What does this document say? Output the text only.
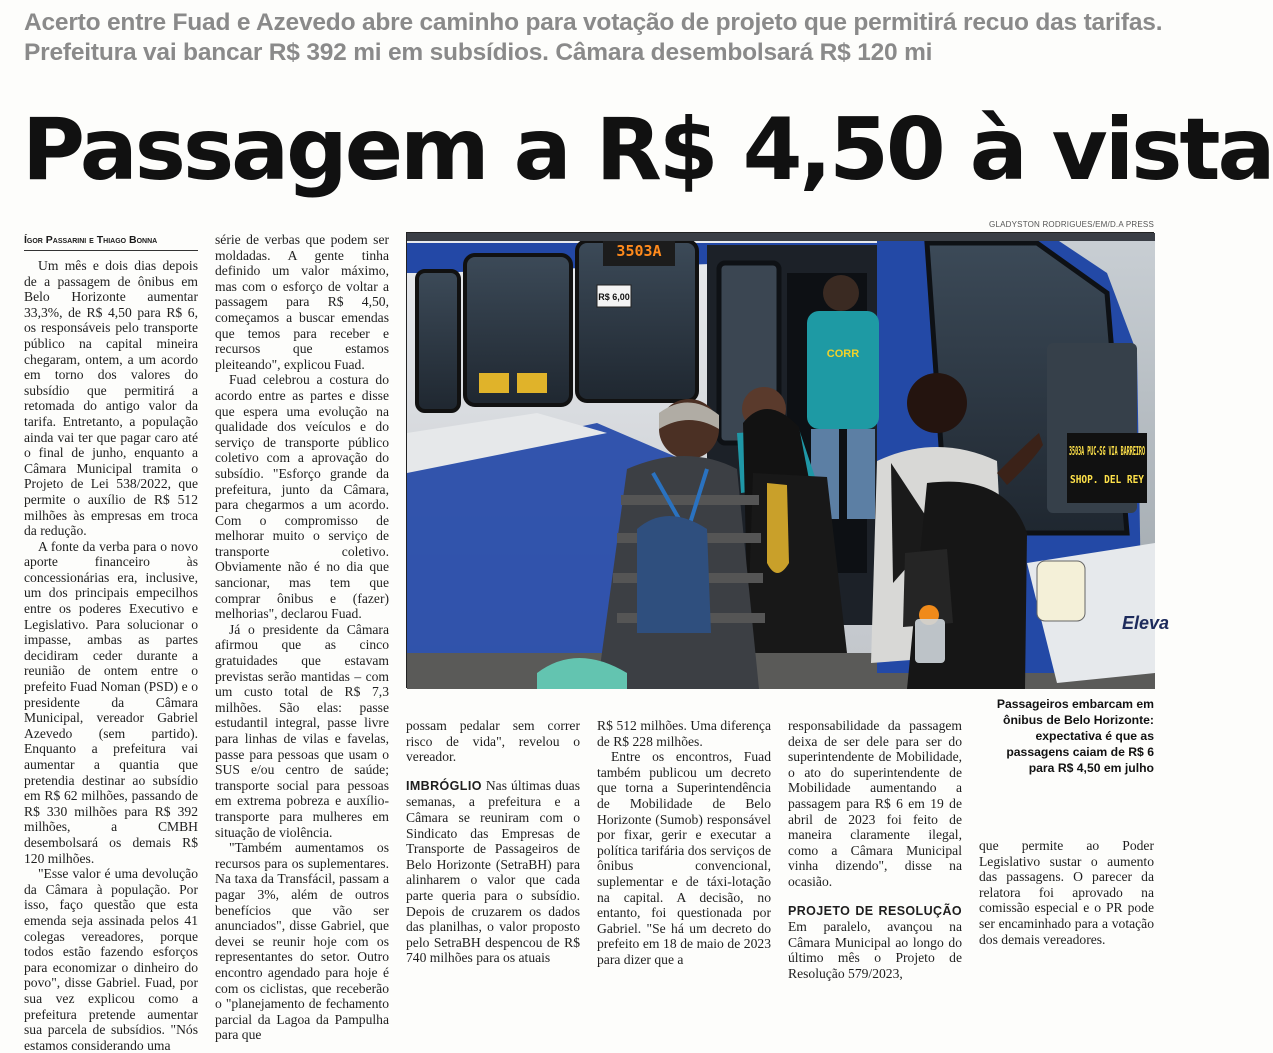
Acerto entre Fuad e Azevedo abre caminho para votação de projeto que permitirá recuo das tarifas. Prefeitura vai bancar R$ 392 mi em subsídios. Câmara desembolsará R$ 120 mi
Passagem a R$ 4,50 à vista
Ígor Passarini e Thiago Bonna
GLADYSTON RODRIGUES/EM/D.A PRESS
3503A
R$ 6,00
3503A PUC-SG VIA BARREIRO
SHOP. DEL REY
Eleva
CORR
Passageiros embarcam em ônibus de Belo Horizonte: expectativa é que as passagens caiam de R$ 6 para R$ 4,50 em julho

Um mês e dois dias depois de a passagem de ônibus em Belo Horizonte aumentar 33,3%, de R$ 4,50 para R$ 6, os responsáveis pelo transporte público na capital mineira chegaram, ontem, a um acordo em torno dos valores do subsídio que permitirá a retomada do antigo valor da tarifa. Entretanto, a população ainda vai ter que pagar caro até o final de junho, enquanto a Câmara Municipal tramita o Projeto de Lei 538/2022, que permite o auxílio de R$ 512 milhões às empresas em troca da redução.

A fonte da verba para o novo aporte financeiro às concessionárias era, inclusive, um dos principais empecilhos entre os poderes Executivo e Legislativo. Para solucionar o impasse, ambas as partes decidiram ceder durante a reunião de ontem entre o prefeito Fuad Noman (PSD) e o presidente da Câmara Municipal, vereador Gabriel Azevedo (sem partido). Enquanto a prefeitura vai aumentar a quantia que pretendia destinar ao subsídio em R$ 62 milhões, passando de R$ 330 milhões para R$ 392 milhões, a CMBH desembolsará os demais R$ 120 milhões.

"Esse valor é uma devolução da Câmara à população. Por isso, faço questão que esta emenda seja assinada pelos 41 colegas vereadores, porque todos estão fazendo esforços para economizar o dinheiro do povo", disse Gabriel. Fuad, por sua vez explicou como a prefeitura pretende aumentar sua parcela de subsídios. "Nós estamos considerando uma

série de verbas que podem ser moldadas. A gente tinha definido um valor máximo, mas com o esforço de voltar a passagem para R$ 4,50, começamos a buscar emendas que temos para receber e recursos que estamos pleiteando", explicou Fuad.

Fuad celebrou a costura do acordo entre as partes e disse que espera uma evolução na qualidade dos veículos e do serviço de transporte público coletivo com a aprovação do subsídio. "Esforço grande da prefeitura, junto da Câmara, para chegarmos a um acordo. Com o compromisso de melhorar muito o serviço de transporte coletivo. Obviamente não é no dia que sancionar, mas tem que comprar ônibus e (fazer) melhorias", declarou Fuad.

Já o presidente da Câmara afirmou que as cinco gratuidades que estavam previstas serão mantidas – com um custo total de R$ 7,3 milhões. São elas: passe estudantil integral, passe livre para linhas de vilas e favelas, passe para pessoas que usam o SUS e/ou centro de saúde; transporte social para pessoas em extrema pobreza e auxílio-transporte para mulheres em situação de violência.

"Também aumentamos os recursos para os suplementares. Na taxa da Transfácil, passam a pagar 3%, além de outros benefícios que vão ser anunciados", disse Gabriel, que devei se reunir hoje com os representantes do setor. Outro encontro agendado para hoje é com os ciclistas, que receberão o "planejamento de fechamento parcial da Lagoa da Pampulha para que

possam pedalar sem correr risco de vida", revelou o vereador.

IMBRÓGLIO Nas últimas duas semanas, a prefeitura e a Câmara se reuniram com o Sindicato das Empresas de Transporte de Passageiros de Belo Horizonte (SetraBH) para alinharem o valor que cada parte queria para o subsídio. Depois de cruzarem os dados das planilhas, o valor proposto pelo SetraBH despencou de R$ 740 milhões para os atuais

R$ 512 milhões. Uma diferença de R$ 228 milhões.

Entre os encontros, Fuad também publicou um decreto que torna a Superintendência de Mobilidade de Belo Horizonte (Sumob) responsável por fixar, gerir e executar a política tarifária dos serviços de ônibus convencional, suplementar e de táxi-lotação na capital. A decisão, no entanto, foi questionada por Gabriel. "Se há um decreto do prefeito em 18 de maio de 2023 para dizer que a

responsabilidade da passagem deixa de ser dele para ser do superintendente de Mobilidade, o ato do superintendente de Mobilidade aumentando a passagem para R$ 6 em 19 de abril de 2023 foi feito de maneira claramente ilegal, como a Câmara Municipal vinha dizendo", disse na ocasião.

PROJETO DE RESOLUÇÃO Em paralelo, avançou na Câmara Municipal ao longo do último mês o Projeto de Resolução 579/2023,

que permite ao Poder Legislativo sustar o aumento das passagens. O parecer da relatora foi aprovado na comissão especial e o PR pode ser encaminhado para a votação dos demais vereadores.
